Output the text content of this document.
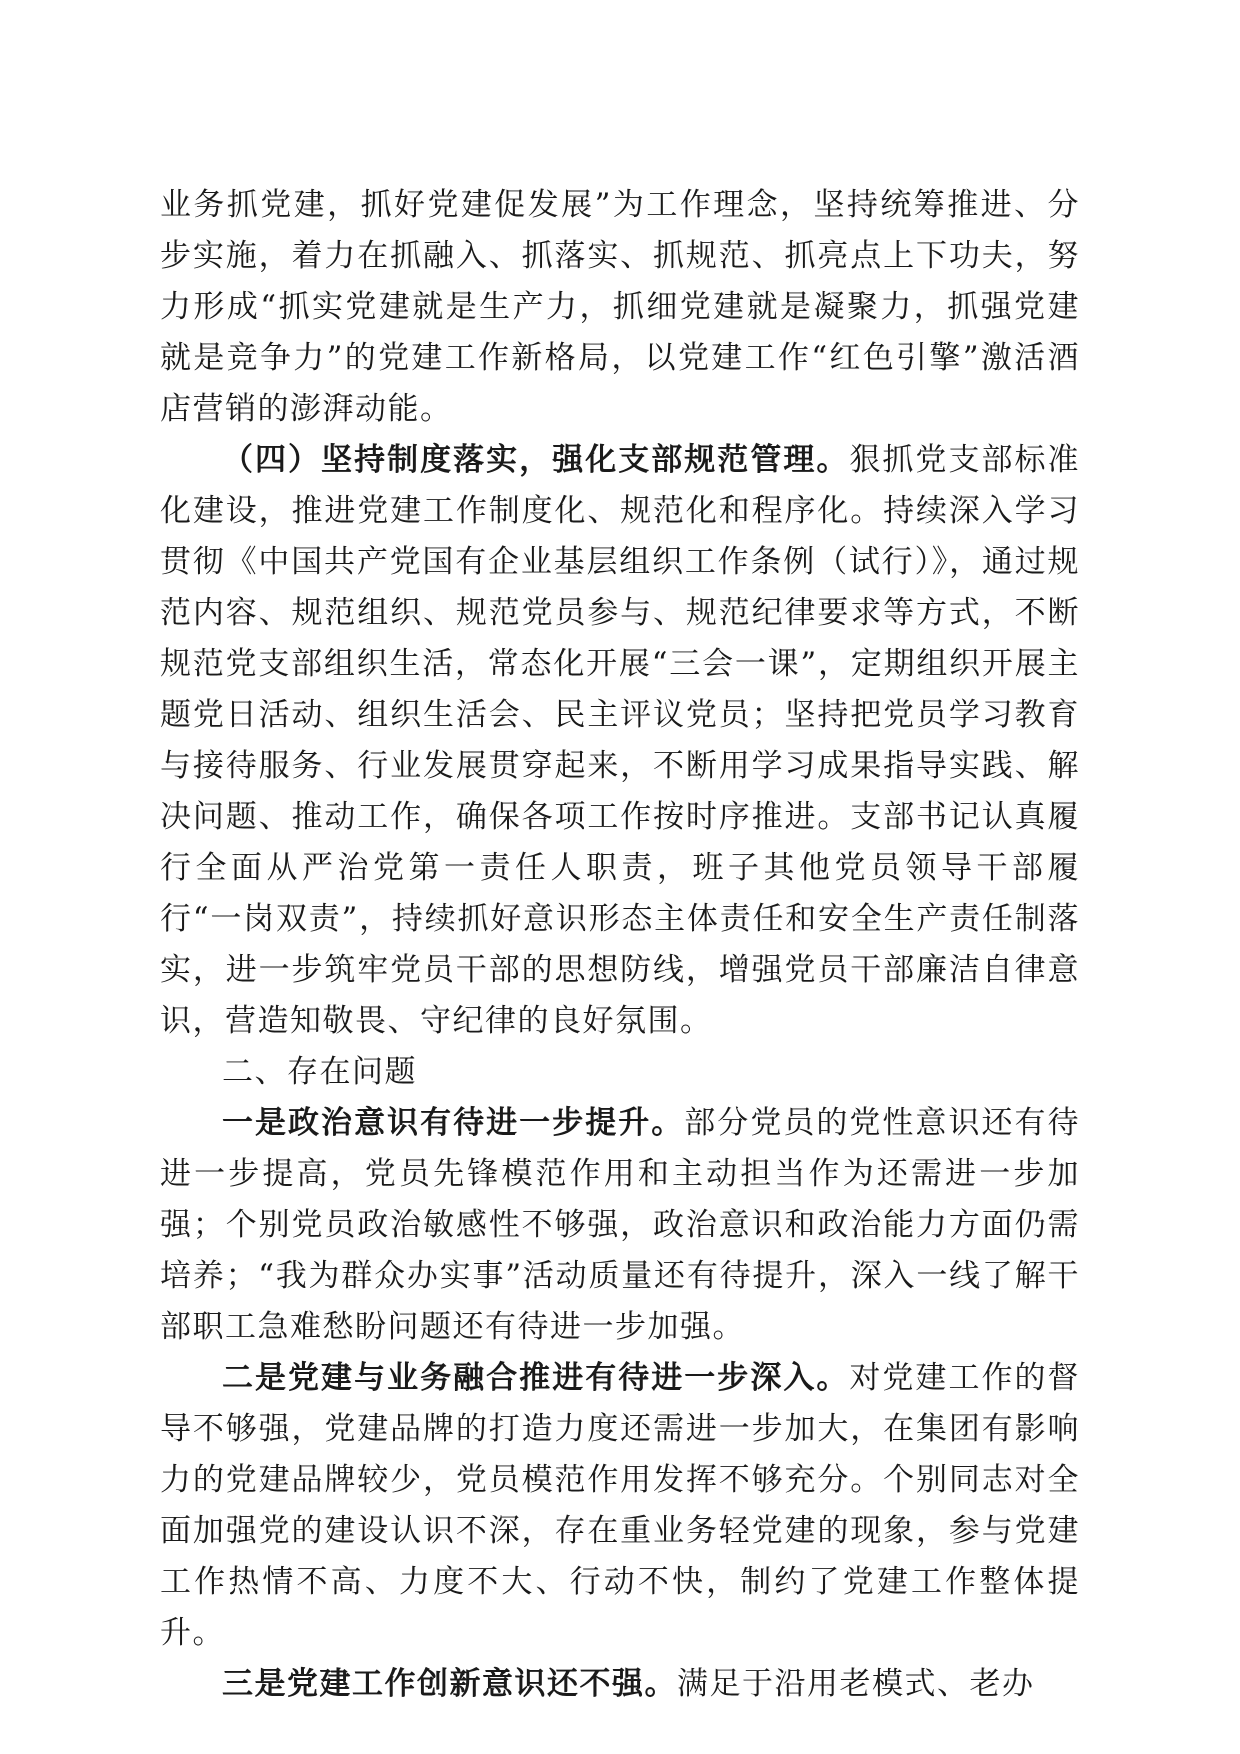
业务抓党建，抓好党建促发展”为工作理念，坚持统筹推进、分步实施，着力在抓融入、抓落实、抓规范、抓亮点上下功夫，努力形成“抓实党建就是生产力，抓细党建就是凝聚力，抓强党建就是竞争力”的党建工作新格局，以党建工作“红色引擎”激活酒店营销的澎湃动能。

（四）坚持制度落实，强化支部规范管理。狠抓党支部标准化建设，推进党建工作制度化、规范化和程序化。持续深入学习贯彻《中国共产党国有企业基层组织工作条例（试行）》，通过规范内容、规范组织、规范党员参与、规范纪律要求等方式，不断规范党支部组织生活，常态化开展“三会一课”，定期组织开展主题党日活动、组织生活会、民主评议党员；坚持把党员学习教育与接待服务、行业发展贯穿起来，不断用学习成果指导实践、解决问题、推动工作，确保各项工作按时序推进。支部书记认真履行全面从严治党第一责任人职责，班子其他党员领导干部履行“一岗双责”，持续抓好意识形态主体责任和安全生产责任制落实，进一步筑牢党员干部的思想防线，增强党员干部廉洁自律意识，营造知敬畏、守纪律的良好氛围。

二、存在问题

一是政治意识有待进一步提升。部分党员的党性意识还有待进一步提高，党员先锋模范作用和主动担当作为还需进一步加强；个别党员政治敏感性不够强，政治意识和政治能力方面仍需培养；“我为群众办实事”活动质量还有待提升，深入一线了解干部职工急难愁盼问题还有待进一步加强。

二是党建与业务融合推进有待进一步深入。对党建工作的督导不够强，党建品牌的打造力度还需进一步加大，在集团有影响力的党建品牌较少，党员模范作用发挥不够充分。个别同志对全面加强党的建设认识不深，存在重业务轻党建的现象，参与党建工作热情不高、力度不大、行动不快，制约了党建工作整体提升。

三是党建工作创新意识还不强。满足于沿用老模式、老办
